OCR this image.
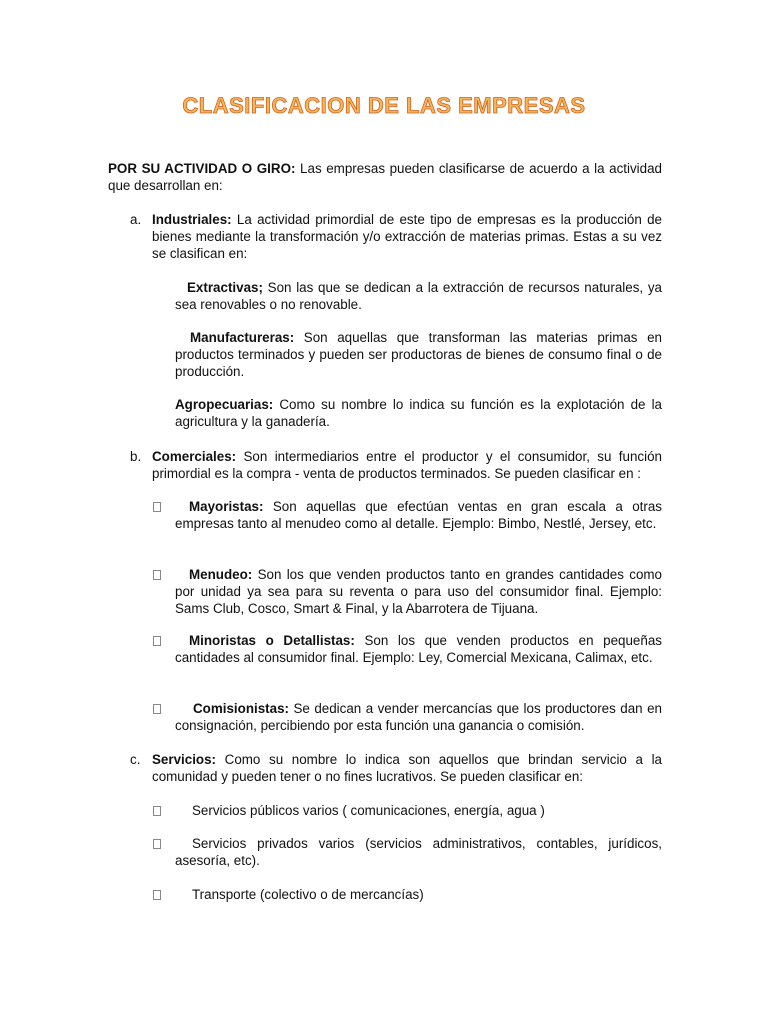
CLASIFICACION DE LAS EMPRESAS
POR SU ACTIVIDAD O GIRO: Las empresas pueden clasificarse de acuerdo a la actividad que desarrollan en:
a. Industriales: La actividad primordial de este tipo de empresas es la producción de bienes mediante la transformación y/o extracción de materias primas. Estas a su vez se clasifican en:
Extractivas; Son las que se dedican a la extracción de recursos naturales, ya sea renovables o no renovable.
Manufactureras: Son aquellas que transforman las materias primas en productos terminados y pueden ser productoras de bienes de consumo final o de producción.
Agropecuarias: Como su nombre lo indica su función es la explotación de la agricultura y la ganadería.
b. Comerciales: Son intermediarios entre el productor y el consumidor, su función primordial es la compra - venta de productos terminados. Se pueden clasificar en :
Mayoristas: Son aquellas que efectúan ventas en gran escala a otras empresas tanto al menudeo como al detalle. Ejemplo: Bimbo, Nestlé, Jersey, etc.
Menudeo: Son los que venden productos tanto en grandes cantidades como por unidad ya sea para su reventa o para uso del consumidor final. Ejemplo: Sams Club, Cosco, Smart & Final, y la Abarrotera de Tijuana.
Minoristas o Detallistas: Son los que venden productos en pequeñas cantidades al consumidor final. Ejemplo: Ley, Comercial Mexicana, Calimax, etc.
Comisionistas: Se dedican a vender mercancías que los productores dan en consignación, percibiendo por esta función una ganancia o comisión.
c. Servicios: Como su nombre lo indica son aquellos que brindan servicio a la comunidad y pueden tener o no fines lucrativos. Se pueden clasificar en:
Servicios públicos varios ( comunicaciones, energía, agua )
Servicios privados varios (servicios administrativos, contables, jurídicos, asesoría, etc).
Transporte (colectivo o de mercancías)
